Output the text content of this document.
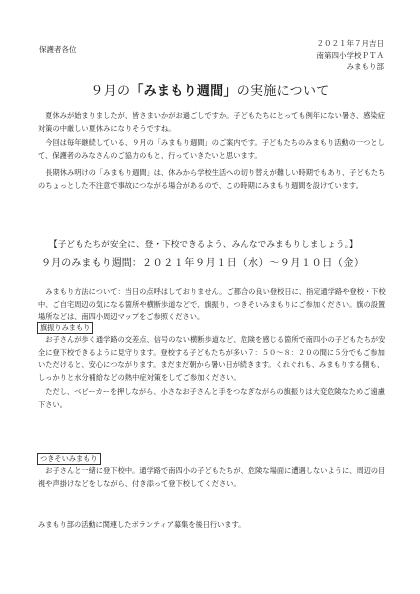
保護者各位
２０２１年７月吉日
南第四小学校ＰＴＡ
みまもり部
９月の「みまもり週間」の実施について
　夏休みが始まりましたが、皆さまいかがお過ごしですか。子どもたちにとっても例年にない暑さ、感染症対策の中厳しい夏休みになりそうですね。
　今回は毎年継続している、９月の「みまもり週間」のご案内です。子どもたちのみまもり活動の一つとして、保護者のみなさんのご協力のもと、行っていきたいと思います。
　長期休み明けの「みまもり週間」は、休みから学校生活への切り替えが難しい時期でもあり、子どもたちのちょっとした不注意で事故につながる場合があるので、この時期にみまもり週間を設けています。
【子どもたちが安全に、登・下校できるよう、みんなでみまもりしましょう。】
９月のみまもり週間：２０２１年９月１日（水）～９月１０日（金）
　みまもり方法について：当日の点呼はしておりません。ご都合の良い登校日に、指定通学路や登校・下校中、ご自宅周辺の気になる箇所や横断歩道などで、旗振り、つきそいみまもりにご参加ください。旗の設置場所などは、南四小周辺マップをご参照ください。
旗振りみまもり
　お子さんが歩く通学路の交差点、信号のない横断歩道など、危険を感じる箇所で南四小の子どもたちが安全に登下校できるように見守ります。登校する子どもたちが多い７：５０～８：２０の間に５分でもご参加いただけると、安心につながります。まだまだ朝から暑い日が続きます。くれぐれも、みまもりする側も、しっかりと水分補給などの熱中症対策をしてご参加ください。
　ただし、ベビーカーを押しながら、小さなお子さんと手をつなぎながらの旗振りは大変危険なためご遠慮下さい。
つきそいみまもり
　お子さんと一緒に登下校中。通学路で南四小の子どもたちが、危険な場面に遭遇しないように、周辺の目視や声掛けなどをしながら、付き添って登下校してください。
みまもり部の活動に関連したボランティア募集を後日行います。
